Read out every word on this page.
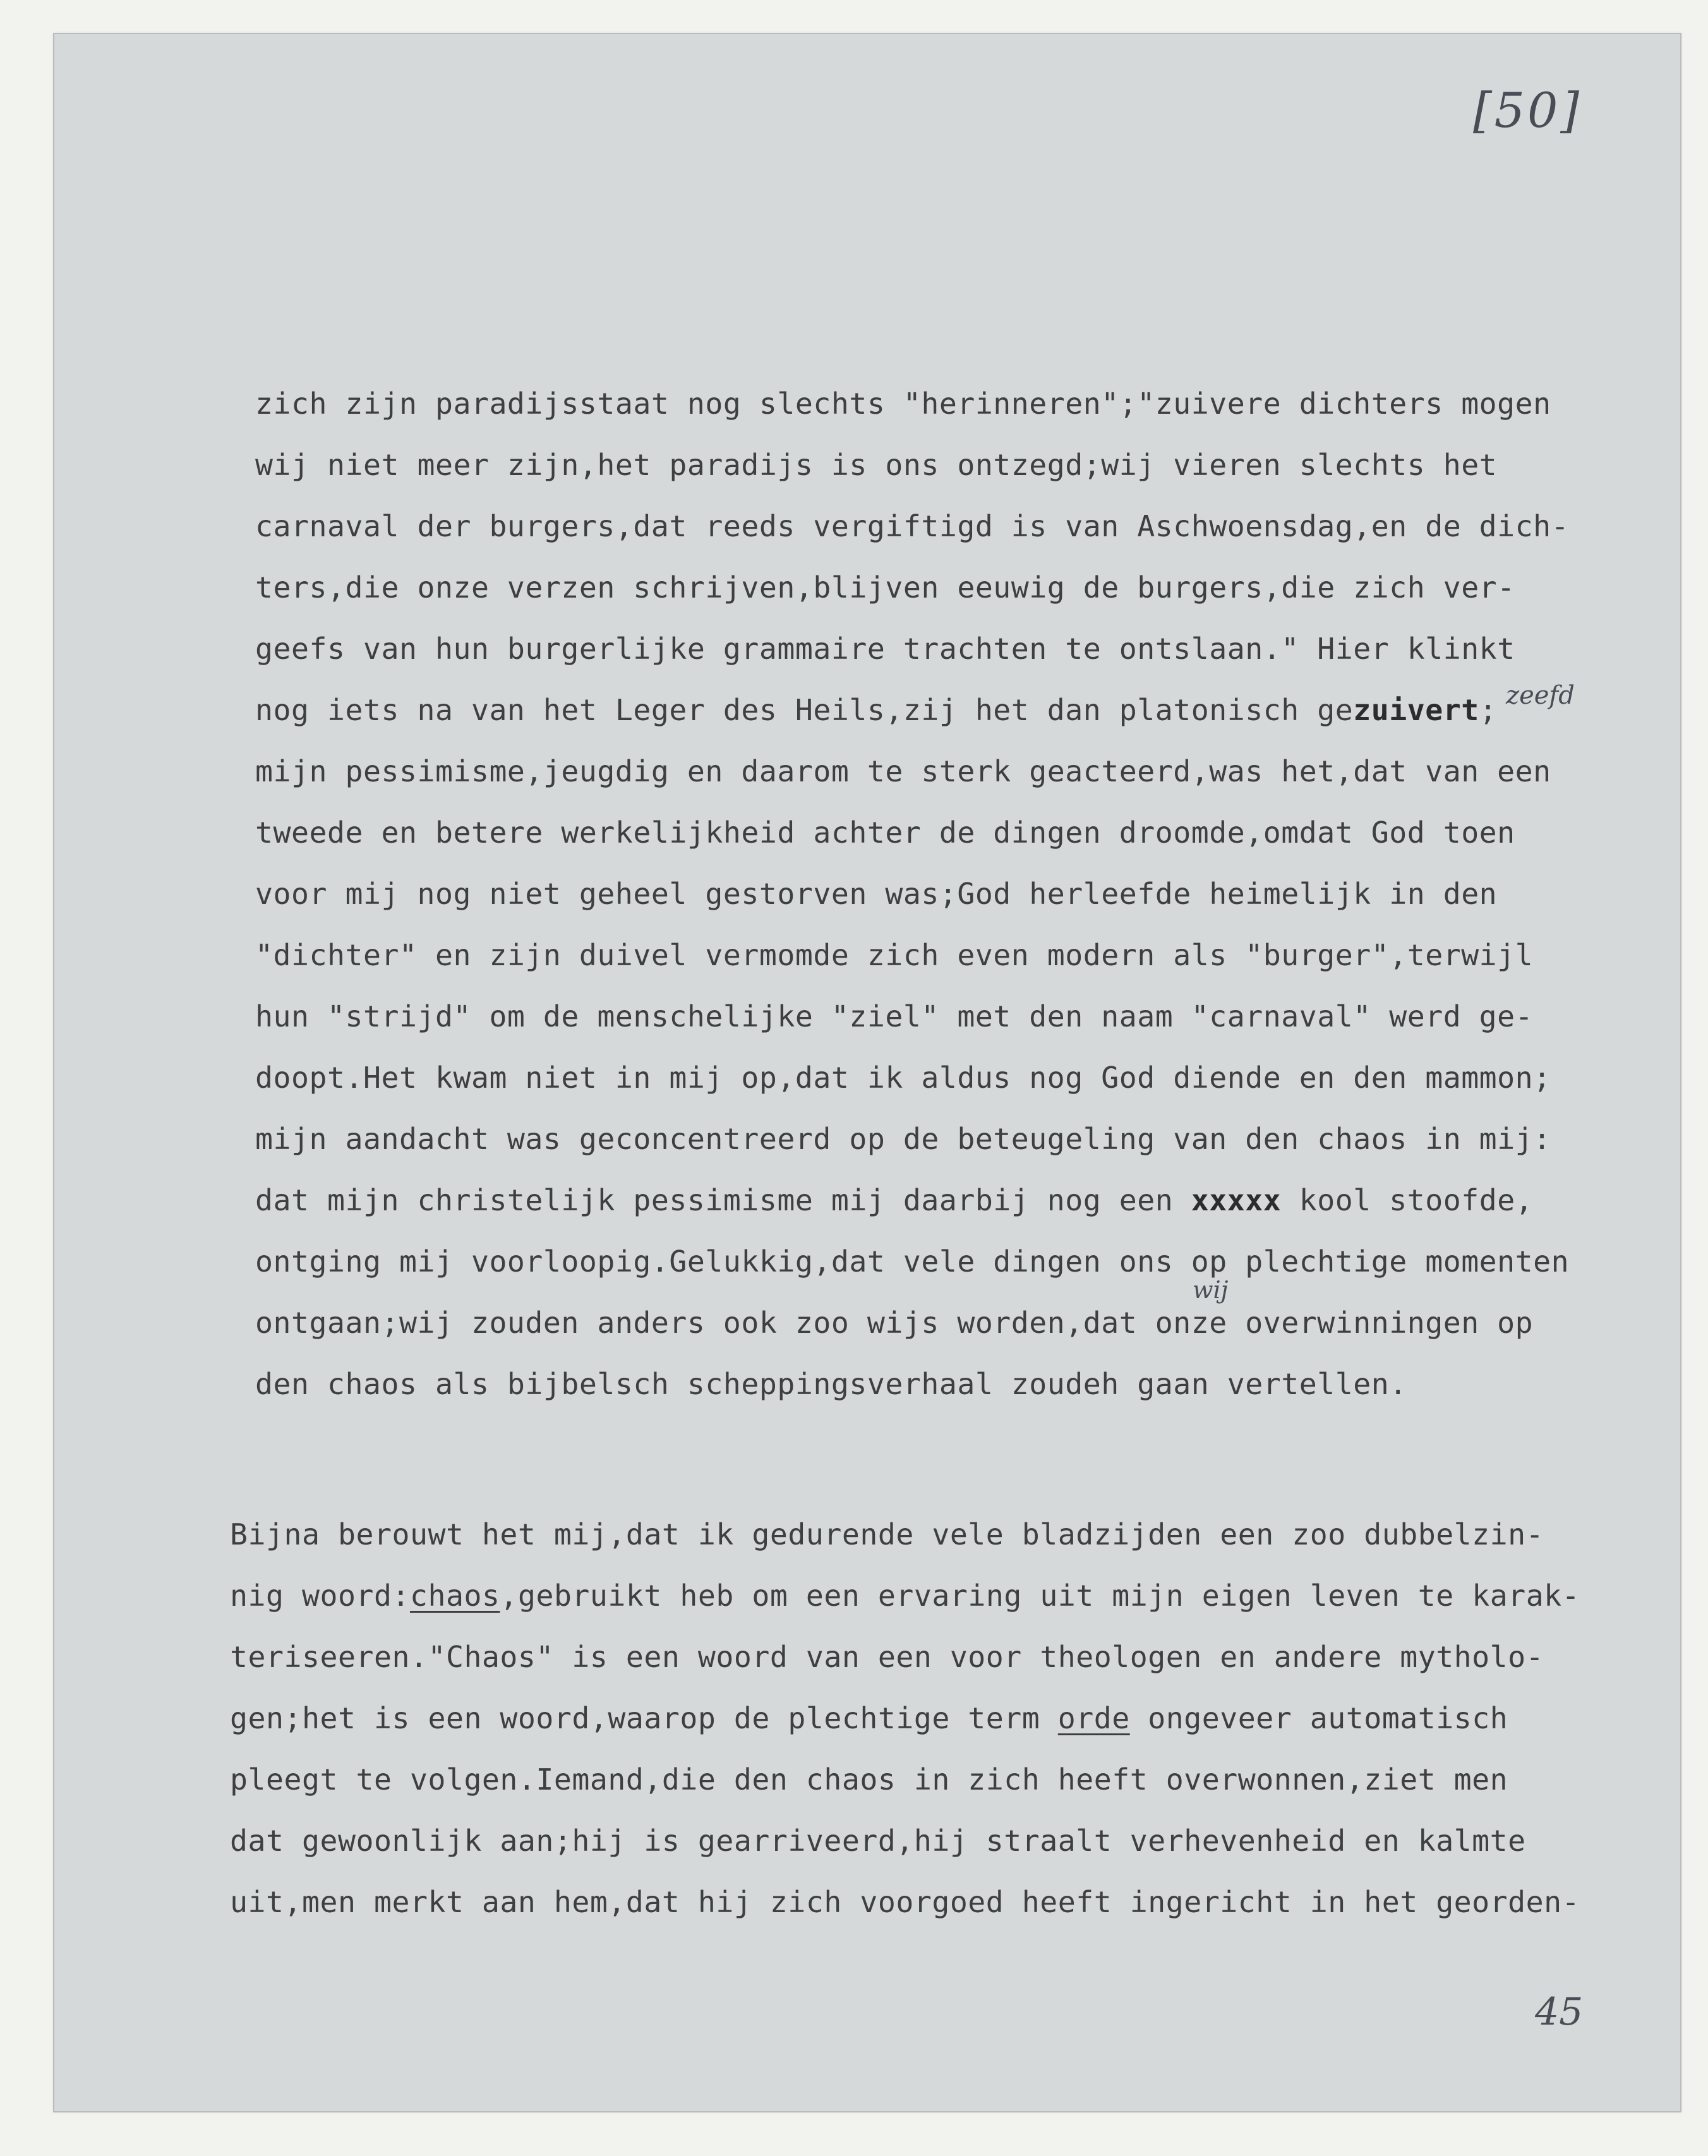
[50]

zich zijn paradijsstaat nog slechts "herinneren";"zuivere dichters mogen

wij niet meer zijn,het paradijs is ons ontzegd;wij vieren slechts het

carnaval der burgers,dat reeds vergiftigd is van Aschwoensdag,en de dich-

ters,die onze verzen schrijven,blijven eeuwig de burgers,die zich ver-

geefs van hun burgerlijke grammaire trachten te ontslaan." Hier klinkt

nog iets na van het Leger des Heils,zij het dan platonisch gezuivert;

mijn pessimisme,jeugdig en daarom te sterk geacteerd,was het,dat van een

tweede en betere werkelijkheid achter de dingen droomde,omdat God toen

voor mij nog niet geheel gestorven was;God herleefde heimelijk in den

"dichter" en zijn duivel vermomde zich even modern als "burger",terwijl

hun "strijd" om de menschelijke "ziel" met den naam "carnaval" werd ge-

doopt.Het kwam niet in mij op,dat ik aldus nog God diende en den mammon;

mijn aandacht was geconcentreerd op de beteugeling van den chaos in mij:

dat mijn christelijk pessimisme mij daarbij nog een xxxxx kool stoofde,

ontging mij voorloopig.Gelukkig,dat vele dingen ons op plechtige momenten

ontgaan;wij zouden anders ook zoo wijs worden,dat onze overwinningen op

den chaos als bijbelsch scheppingsverhaal zoudeh gaan vertellen.

zeefd
wij

Bijna berouwt het mij,dat ik gedurende vele bladzijden een zoo dubbelzin-

nig woord:chaos,gebruikt heb om een ervaring uit mijn eigen leven te karak-

teriseeren."Chaos" is een woord van een voor theologen en andere mytholo-

gen;het is een woord,waarop de plechtige term orde ongeveer automatisch

pleegt te volgen.Iemand,die den chaos in zich heeft overwonnen,ziet men

dat gewoonlijk aan;hij is gearriveerd,hij straalt verhevenheid en kalmte

uit,men merkt aan hem,dat hij zich voorgoed heeft ingericht in het georden-

45
